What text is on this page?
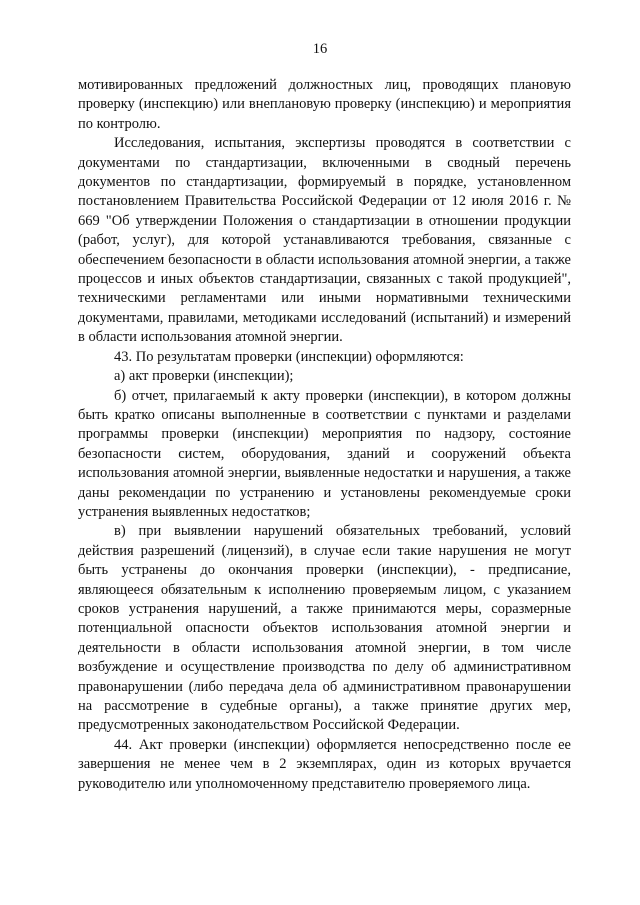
16

мотивированных предложений должностных лиц, проводящих плановую проверку (инспекцию) или внеплановую проверку (инспекцию) и мероприятия по контролю.

Исследования, испытания, экспертизы проводятся в соответствии с документами по стандартизации, включенными в сводный перечень документов по стандартизации, формируемый в порядке, установленном постановлением Правительства Российской Федерации от 12 июля 2016 г. № 669 "Об утверждении Положения о стандартизации в отношении продукции (работ, услуг), для которой устанавливаются требования, связанные с обеспечением безопасности в области использования атомной энергии, а также процессов и иных объектов стандартизации, связанных с такой продукцией", техническими регламентами или иными нормативными техническими документами, правилами, методиками исследований (испытаний) и измерений в области использования атомной энергии.

43. По результатам проверки (инспекции) оформляются:

а) акт проверки (инспекции);

б) отчет, прилагаемый к акту проверки (инспекции), в котором должны быть кратко описаны выполненные в соответствии с пунктами и разделами программы проверки (инспекции) мероприятия по надзору, состояние безопасности систем, оборудования, зданий и сооружений объекта использования атомной энергии, выявленные недостатки и нарушения, а также даны рекомендации по устранению и установлены рекомендуемые сроки устранения выявленных недостатков;

в) при выявлении нарушений обязательных требований, условий действия разрешений (лицензий), в случае если такие нарушения не могут быть устранены до окончания проверки (инспекции), - предписание, являющееся обязательным к исполнению проверяемым лицом, с указанием сроков устранения нарушений, а также принимаются меры, соразмерные потенциальной опасности объектов использования атомной энергии и деятельности в области использования атомной энергии, в том числе возбуждение и осуществление производства по делу об административном правонарушении (либо передача дела об административном правонарушении на рассмотрение в судебные органы), а также принятие других мер, предусмотренных законодательством Российской Федерации.

44. Акт проверки (инспекции) оформляется непосредственно после ее завершения не менее чем в 2 экземплярах, один из которых вручается руководителю или уполномоченному представителю проверяемого лица.
